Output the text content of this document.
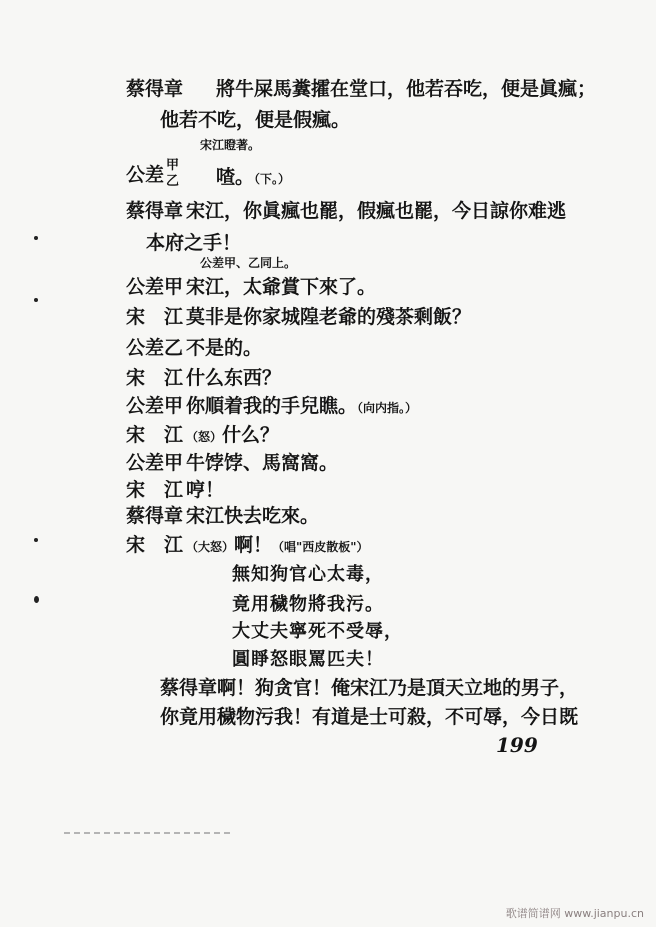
蔡得章 將牛屎馬糞攉在堂口，他若吞吃，便是眞瘋；
他若不吃，便是假瘋。
宋江瞪著。
公差 甲
乙 喳。（下。）
蔡得章 宋江，你眞瘋也罷，假瘋也罷，今日諒你难逃
本府之手！
公差甲、乙同上。
公差甲 宋江，太爺賞下來了。
宋　江 莫非是你家城隍老爺的殘茶剩飯？
公差乙 不是的。
宋　江 什么东西？
公差甲 你順着我的手兒瞧。（向内指。）
宋　江 （怒）什么？
公差甲 牛饽饽、馬窩窩。
宋　江 哼！
蔡得章 宋江快去吃來。
宋　江 （大怒）啊！（唱"西皮散板"）
無知狗官心太毒，
竟用穢物將我污。
大丈夫寧死不受辱，
圓睜怒眼罵匹夫！
蔡得章啊！狗贪官！俺宋江乃是頂天立地的男子，
你竟用穢物污我！有道是士可殺，不可辱，今日既
199
歌谱简谱网 www.jianpu.cn
